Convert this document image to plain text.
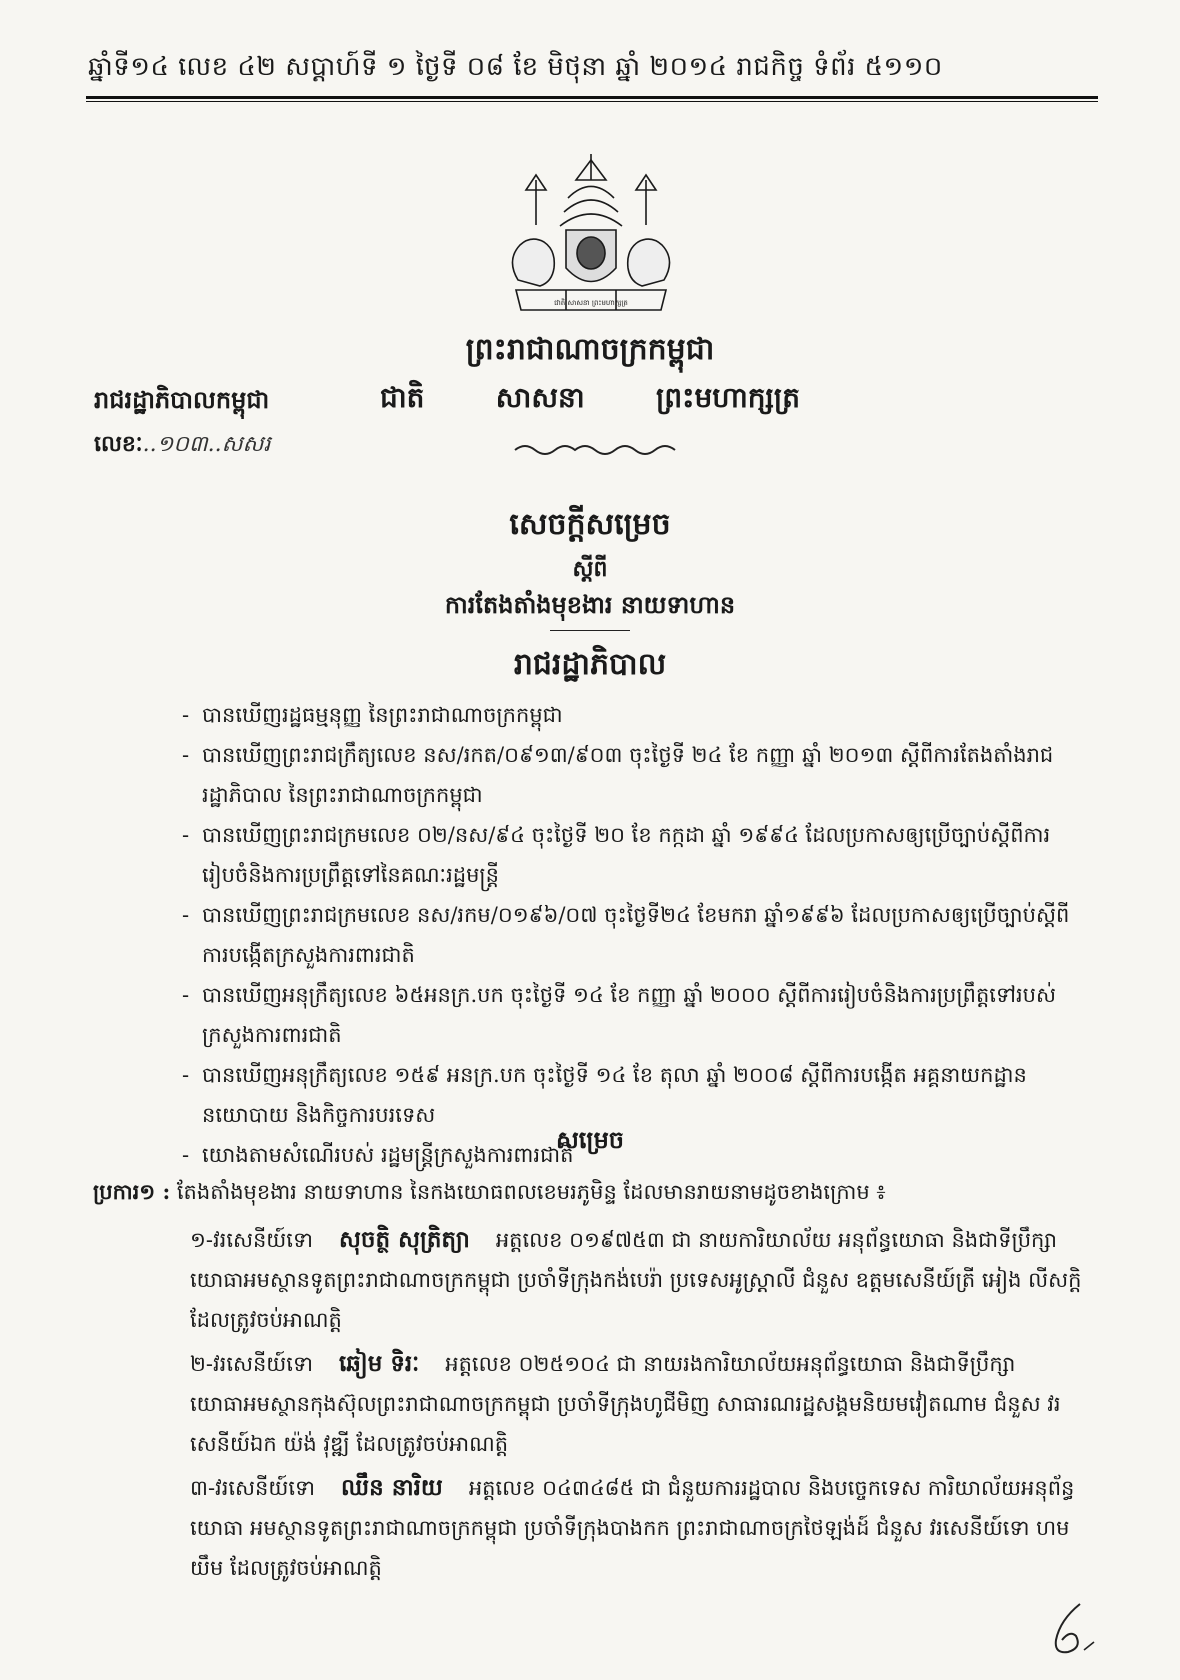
ឆ្នាំទី១៤ លេខ ៤២ សប្តាហ៍ទី ១ ថ្ងៃទី ០៨ ខែ មិថុនា ឆ្នាំ ២០១៤ រាជកិច្ច ទំព័រ ៥១១០
ជាតិ សាសនា ព្រះមហាក្សត្រ
ព្រះរាជាណាចក្រកម្ពុជា
ជាតិ	សាសនា	ព្រះមហាក្សត្រ
រាជរដ្ឋាភិបាលកម្ពុជា
លេខៈ..១០៣..សសរ
សេចក្តីសម្រេច
ស្តីពី
ការតែងតាំងមុខងារ នាយទាហាន
រាជរដ្ឋាភិបាល
- បានឃើញរដ្ឋធម្មនុញ្ញ នៃព្រះរាជាណាចក្រកម្ពុជា
- បានឃើញព្រះរាជក្រឹត្យលេខ នស/រកត/០៩១៣/៩០៣ ចុះថ្ងៃទី ២៤ ខែ កញ្ញា ឆ្នាំ ២០១៣ ស្តីពីការតែងតាំងរាជរដ្ឋាភិបាល នៃព្រះរាជាណាចក្រកម្ពុជា
- បានឃើញព្រះរាជក្រមលេខ ០២/នស/៩៤ ចុះថ្ងៃទី ២០ ខែ កក្កដា ឆ្នាំ ១៩៩៤ ដែលប្រកាសឲ្យប្រើច្បាប់ស្តីពីការរៀបចំនិងការប្រព្រឹត្តទៅនៃគណៈរដ្ឋមន្ត្រី
- បានឃើញព្រះរាជក្រមលេខ នស/រកម/០១៩៦/០៧ ចុះថ្ងៃទី២៤ ខែមករា ឆ្នាំ១៩៩៦ ដែលប្រកាសឲ្យប្រើច្បាប់ស្តីពីការបង្កើតក្រសួងការពារជាតិ
- បានឃើញអនុក្រឹត្យលេខ ៦៥អនក្រ.បក ចុះថ្ងៃទី ១៤ ខែ កញ្ញា ឆ្នាំ ២០០០ ស្តីពីការរៀបចំនិងការប្រព្រឹត្តទៅរបស់ក្រសួងការពារជាតិ
- បានឃើញអនុក្រឹត្យលេខ ១៥៩ អនក្រ.បក ចុះថ្ងៃទី ១៤ ខែ តុលា ឆ្នាំ ២០០៨ ស្តីពីការបង្កើត អគ្គនាយកដ្ឋាននយោបាយ និងកិច្ចការបរទេស
- យោងតាមសំណើរបស់ រដ្ឋមន្ត្រីក្រសួងការពារជាតិ
សម្រេច
ប្រការ១ : តែងតាំងមុខងារ នាយទាហាន នៃកងយោធពលខេមរភូមិន្ទ ដែលមានរាយនាមដូចខាងក្រោម ៖
១-វរសេនីយ៍ទោ សុចត្ថិ សុត្រិត្យា អត្តលេខ ០១៩៧៥៣ ជា នាយការិយាល័យ អនុព័ន្ធយោធា និងជាទីប្រឹក្សាយោធាអមស្ថានទូតព្រះរាជាណាចក្រកម្ពុជា ប្រចាំទីក្រុងកង់បេរ៉ា ប្រទេសអូស្ត្រាលី ជំនួស ឧត្តមសេនីយ៍ត្រី អៀង លីសក្តិ ដែលត្រូវចប់អាណត្តិ
២-វរសេនីយ៍ទោ ឆៀម ទិរៈ អត្តលេខ ០២៥១០៤ ជា នាយរងការិយាល័យអនុព័ន្ធយោធា និងជាទីប្រឹក្សាយោធាអមស្ថានកុងស៊ុលព្រះរាជាណាចក្រកម្ពុជា ប្រចាំទីក្រុងហូជីមិញ សាធារណរដ្ឋសង្គមនិយមវៀតណាម ជំនួស វរសេនីយ៍ឯក យ៉ង់ វុឌ្ឍី ដែលត្រូវចប់អាណត្តិ
៣-វរសេនីយ៍ទោ ឈឹន នារិយ អត្តលេខ ០៤៣៤៨៥ ជា ជំនួយការរដ្ឋបាល និងបច្ចេកទេស ការិយាល័យអនុព័ន្ធយោធា អមស្ថានទូតព្រះរាជាណាចក្រកម្ពុជា ប្រចាំទីក្រុងបាងកក ព្រះរាជាណាចក្រថៃឡង់ដ៍ ជំនួស វរសេនីយ៍ទោ ហម យឹម ដែលត្រូវចប់អាណត្តិ
